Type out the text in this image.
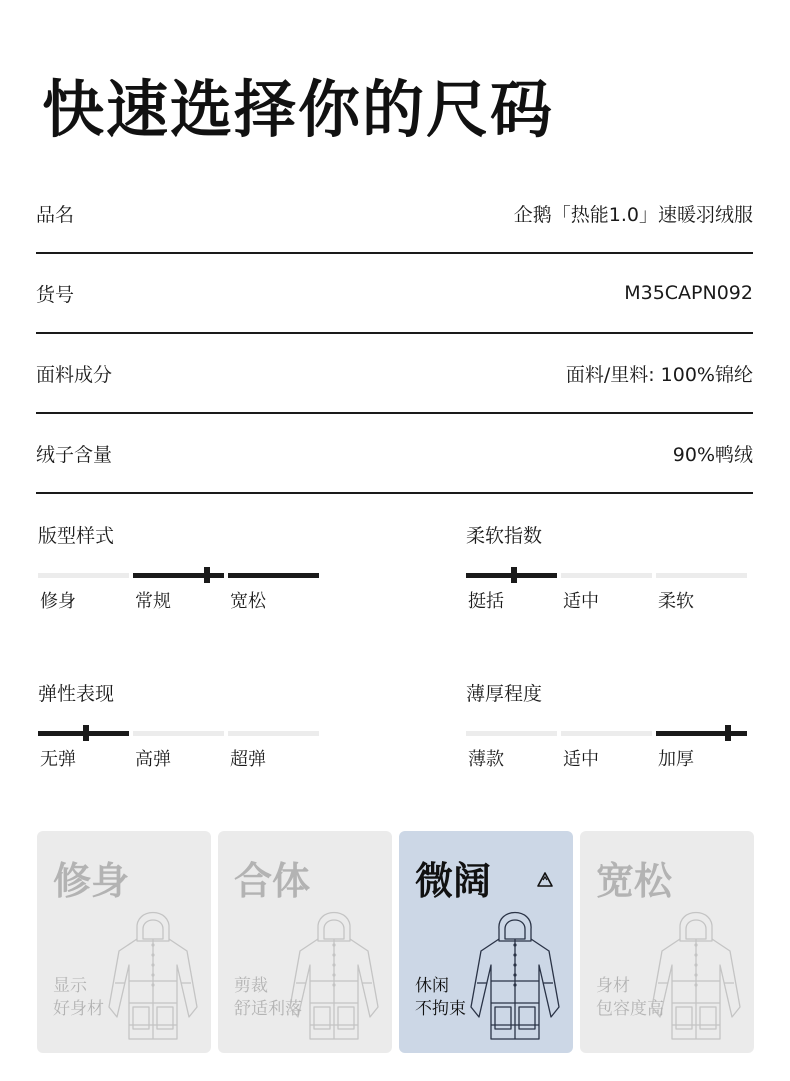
快速选择你的尺码
品名	企鹅「热能1.0」速暖羽绒服
货号	M35CAPN092
面料成分	面料/里料: 100%锦纶
绒子含量	90%鸭绒
版型样式
修身	常规	宽松
柔软指数
挺括	适中	柔软
弹性表现
无弹	高弹	超弹
薄厚程度
薄款	适中	加厚
修身
显示
好身材
合体
剪裁
舒适利落
微阔
休闲
不拘束
宽松
身材
包容度高
